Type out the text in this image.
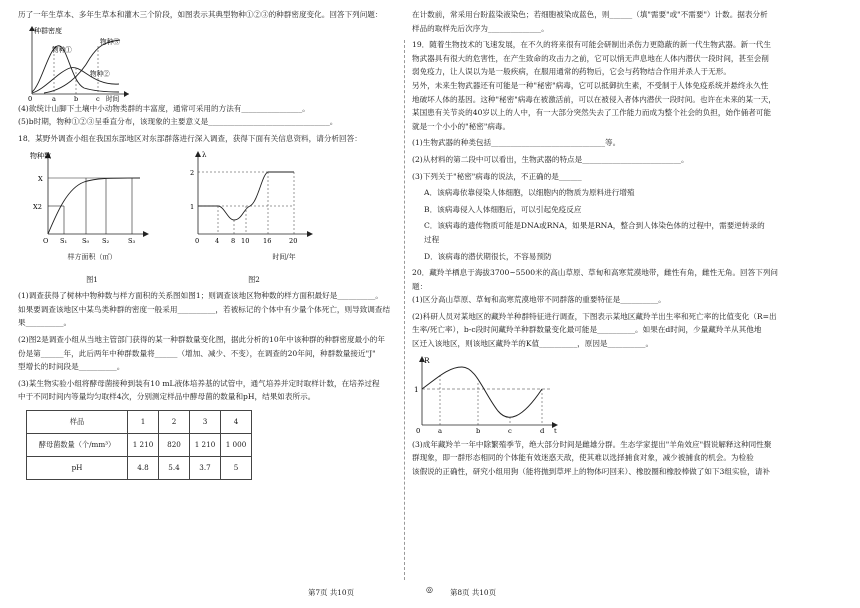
历了一年生草本、多年生草本和灌木三个阶段，如图表示其典型物种①②③的种群密度变化。回答下列问题：

种群密度
物种①
物种②
物种③
0	a	b	c 时间

(4)欲统计山脚下土壤中小动物类群的丰富度，通常可采用的方法有________________。

(5)b时期，物种①②③呈垂直分布，该现象的主要意义是________________________________。

18．某野外调查小组在我国东部地区对东部群落进行深入调查，获得下面有关信息资料，请分析回答：

物种数
X
X2
O S₁ S₀ S₂	S₃
样方面积（㎡）
图1
λ
2
1
0 4 8 10 16	20
时间/年
图2

(1)调查获得了树林中物种数与样方面积的关系图如图1；则调查该地区物种数的样方面积最好是__________。

如果要调查该地区中某鸟类种群的密度一般采用__________，若被标记的个体中有少量个体死亡，则导致调查结

果__________。

(2)图2是调查小组从当地主管部门获得的某一种群数量变化图，据此分析的10年中该种群的种群密度最小的年

份是第______年，此后两年中种群数量将______（增加、减少、不变），在调查的20年间，种群数量接近"J"

型增长的时间段是__________。

(3)某生物实验小组将酵母菌接种到装有10 mL液体培养基的试管中，通气培养并定时取样计数，在培养过程

中于不同时间内等量均匀取样4次，分别测定样品中酵母菌的数量和pH，结果如表所示。

样品	1	2	3	4
酵母菌数量（个/mm³）	1 210	820	1 210	1 000
pH	4.8	5.4	3.7	5

在计数前，常采用台盼蓝染液染色；若细胞被染成蓝色，则______（填"需要"或"不需要"）计数。据表分析

样品的取样先后次序为______________。

19．随着生物技术的飞速发展，在不久的将来很有可能会研制出杀伤力更隐蔽的新一代生物武器。新一代生

物武器具有很大的危害性，在产生致命的攻击力之前，它可以悄无声息地在人体内潜伏一段时间，甚至会削

弱免疫力，让人误以为是一般疾病，在服用通常的药物后，它会与药物结合作用并杀人于无形。

另外，未来生物武器还有可能是一种"秘密"病毒，它可以抵御抗生素，不受制于人体免疫系统并悬终永久性

地破坏人体的基因。这种"秘密"病毒在被激活前，可以在被侵入者体内潜伏一段时间。也许在未来的某一天，

某国患有关节炎的40岁以上的人中，有一大部分突然失去了工作能力而成为整个社会的负担，始作俑者可能

就是一个小小的"秘密"病毒。

(1)生物武器的种类包括______________________________等。

(2)从材料的第二段中可以看出，生物武器的特点是__________________________。

(3)下列关于"秘密"病毒的说法，不正确的是______

A．该病毒依靠侵染人体细胞，以细胞内的物质为原料进行增殖

B．该病毒侵入人体细胞后，可以引起免疫反应

C．该病毒的遗传物质可能是DNA或RNA，如果是RNA，整合到人体染色体的过程中，需要逆转录的

过程

D．该病毒的潜伏期很长，不容易预防

20．藏羚羊栖息于海拔3700~5500米的高山草原、草甸和高寒荒漠地带，雌性有角，雌性无角。回答下列问

题：

(1)区分高山草原、草甸和高寒荒漠地带不同群落的重要特征是__________。

(2)科研人员对某地区的藏羚羊种群特征进行调查，下图表示某地区藏羚羊出生率和死亡率的比值变化（R=出

生率/死亡率），b-c段时间藏羚羊种群数量变化最可能是__________。如果在d时间，少量藏羚羊从其他地

区迁入该地区，则该地区藏羚羊的K值__________，原因是__________。

R
1
0	a	b	c	d t

(3)成年藏羚羊一年中除繁殖季节，绝大部分时间是雌雄分群。生态学家提出"羊角效应"假说解释这种同性聚

群现象，即一群形态相同的个体能有效迷惑天敌，使其难以选择捕食对象，减少被捕食的机会。为检验

该假说的正确性，研究小组用狗（能将抛到草坪上的物体叼回来）、橡胶圈和橡胶棒做了如下3组实验，请补

第7页 共10页	◎ 第8页 共10页
